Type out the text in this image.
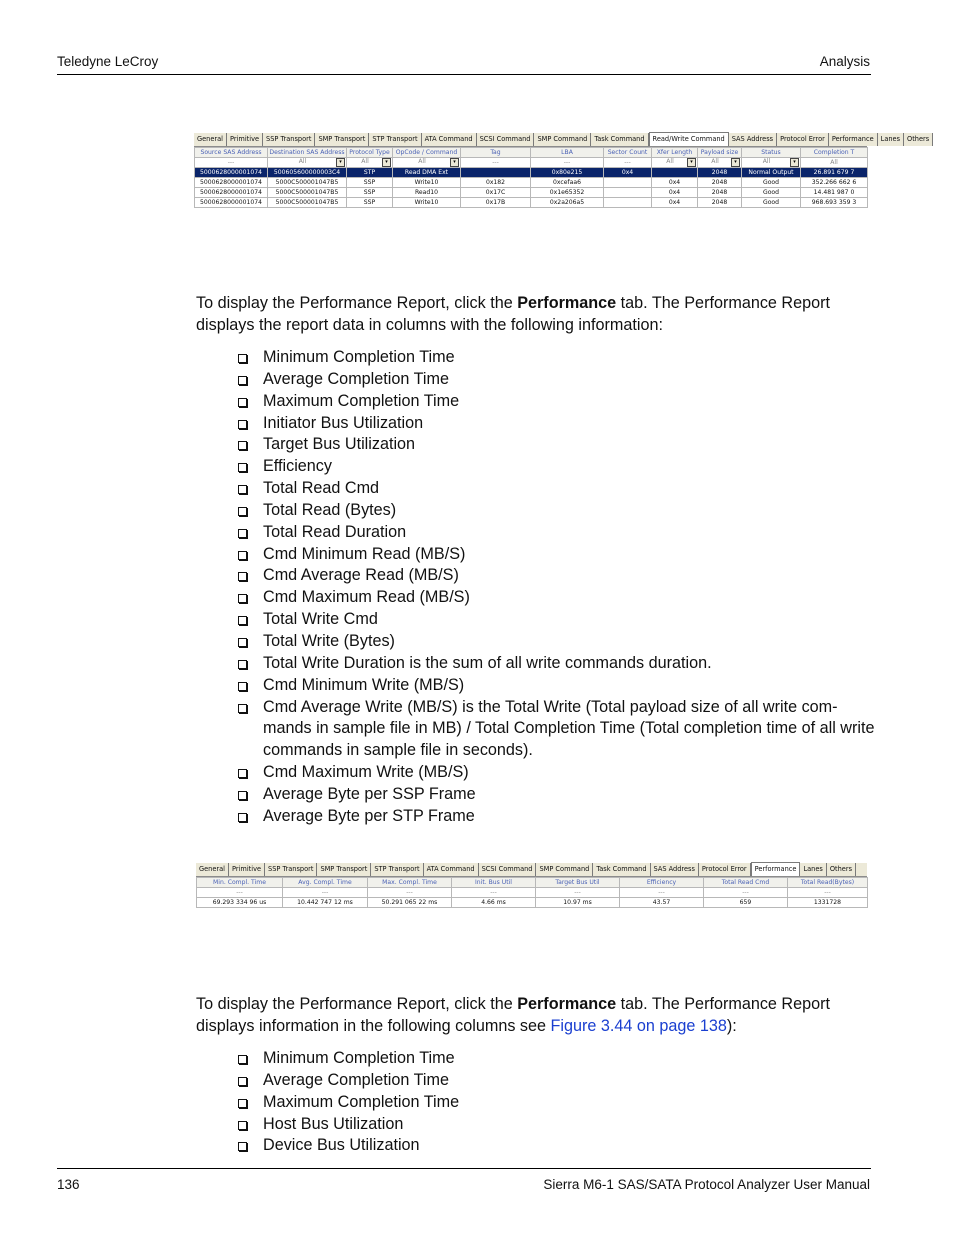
Teledyne LeCroy	Analysis
General	Primitive	SSP Transport	SMP Transport	STP Transport	ATA Command	SCSI Command	SMP Command	Task Command	Read/Write Command	SAS Address	Protocol Error	Performance	Lanes	Others
Source SAS Address	Destination SAS Address	Protocol Type	OpCode / Command	Tag	LBA	Sector Count	Xfer Length	Payload size	Status	Completion T
---	All ▾	All ▾	All ▾	---	---	---	All ▾	All ▾	All ▾	All
5000628000001074	500605600000003C4	STP	Read DMA Ext		0x80e215	0x4		2048	Normal Output	26.891 679 7
5000628000001074	5000C500001047B5	SSP	Write10	0x182	0xcefaa6		0x4	2048	Good	352.266 662 6
5000628000001074	5000C500001047B5	SSP	Read10	0x17C	0x1e65352		0x4	2048	Good	14.481 987 0
5000628000001074	5000C500001047B5	SSP	Write10	0x17B	0x2a206a5		0x4	2048	Good	968.693 359 3
To display the Performance Report, click the Performance tab. The Performance Report displays the report data in columns with the following information:
Minimum Completion Time
Average Completion Time
Maximum Completion Time
Initiator Bus Utilization
Target Bus Utilization
Efficiency
Total Read Cmd
Total Read (Bytes)
Total Read Duration
Cmd Minimum Read (MB/S)
Cmd Average Read (MB/S)
Cmd Maximum Read (MB/S)
Total Write Cmd
Total Write (Bytes)
Total Write Duration is the sum of all write commands duration.
Cmd Minimum Write (MB/S)
Cmd Average Write (MB/S) is the Total Write (Total payload size of all write com-mands in sample file in MB) / Total Completion Time (Total completion time of all write commands in sample file in seconds).
Cmd Maximum Write (MB/S)
Average Byte per SSP Frame
Average Byte per STP Frame
General	Primitive	SSP Transport	SMP Transport	STP Transport	ATA Command	SCSI Command	SMP Command	Task Command	SAS Address	Protocol Error	Performance	Lanes	Others
Min. Compl. Time	Avg. Compl. Time	Max. Compl. Time	Init. Bus Util	Target Bus Util	Efficiency	Total Read Cmd	Total Read(Bytes)
---	---	---	---	---	---	---	---
69.293 334 96 us	10.442 747 12 ms	50.291 065 22 ms	4.66 ms	10.97 ms	43.57	659	1331728
To display the Performance Report, click the Performance tab. The Performance Report displays information in the following columns see Figure 3.44 on page 138):
Minimum Completion Time
Average Completion Time
Maximum Completion Time
Host Bus Utilization
Device Bus Utilization
136	Sierra M6-1 SAS/SATA Protocol Analyzer User Manual
